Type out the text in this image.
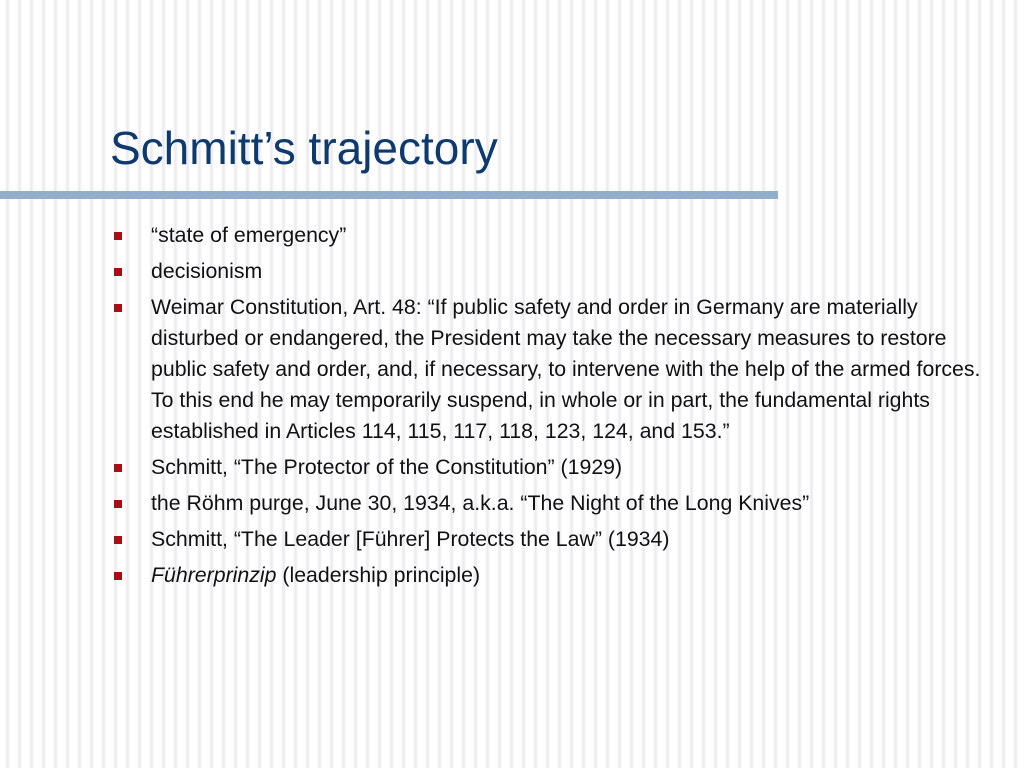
Schmitt’s trajectory
“state of emergency”
decisionism
Weimar Constitution, Art. 48: “If public safety and order in Germany are materially disturbed or endangered, the President may take the necessary measures to restore public safety and order, and, if necessary, to intervene with the help of the armed forces. To this end he may temporarily suspend, in whole or in part, the fundamental rights established in Articles 114, 115, 117, 118, 123, 124, and 153.”
Schmitt, “The Protector of the Constitution” (1929)
the Röhm purge, June 30, 1934, a.k.a. “The Night of the Long Knives”
Schmitt, “The Leader [Führer] Protects the Law” (1934)
Führerprinzip (leadership principle)
